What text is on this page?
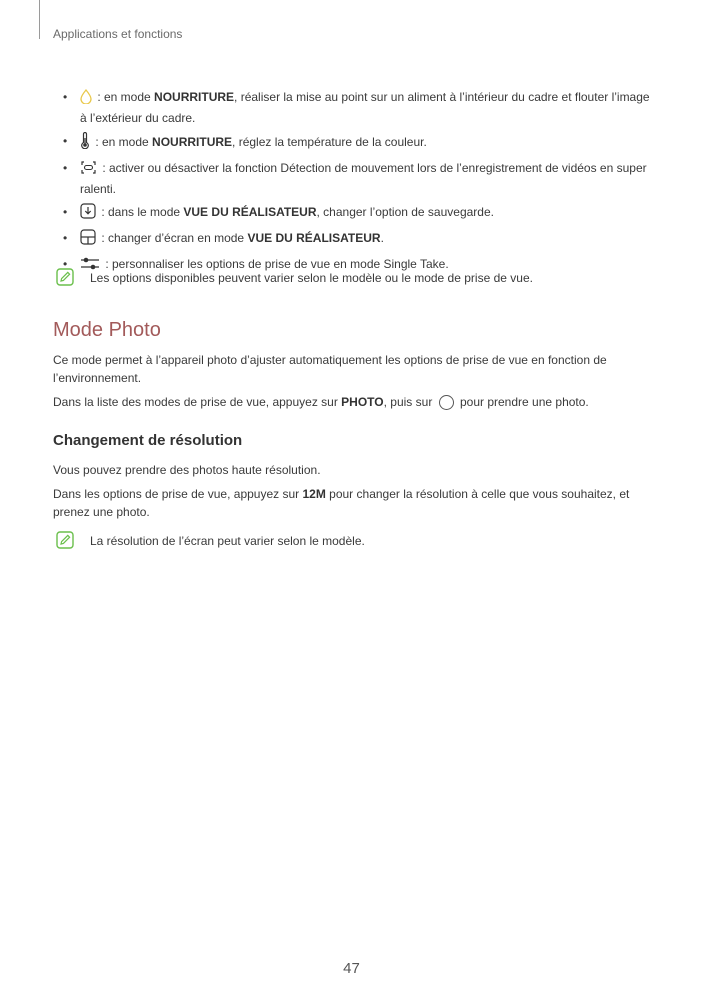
Applications et fonctions
• : en mode NOURRITURE, réaliser la mise au point sur un aliment à l’intérieur du cadre et flouter l’image à l’extérieur du cadre.
• : en mode NOURRITURE, réglez la température de la couleur.
•	: activer ou désactiver la fonction Détection de mouvement lors de l’enregistrement de vidéos en super ralenti.
•	: dans le mode VUE DU RÉALISATEUR, changer l’option de sauvegarde.
•	: changer d’écran en mode VUE DU RÉALISATEUR.
•	: personnaliser les options de prise de vue en mode Single Take.
Les options disponibles peuvent varier selon le modèle ou le mode de prise de vue.
Mode Photo

Ce mode permet à l’appareil photo d’ajuster automatiquement les options de prise de vue en fonction de l’environnement.

Dans la liste des modes de prise de vue, appuyez sur PHOTO, puis sur  pour prendre une photo.

Changement de résolution

Vous pouvez prendre des photos haute résolution.

Dans les options de prise de vue, appuyez sur 12M pour changer la résolution à celle que vous souhaitez, et prenez une photo.

La résolution de l’écran peut varier selon le modèle.
47
